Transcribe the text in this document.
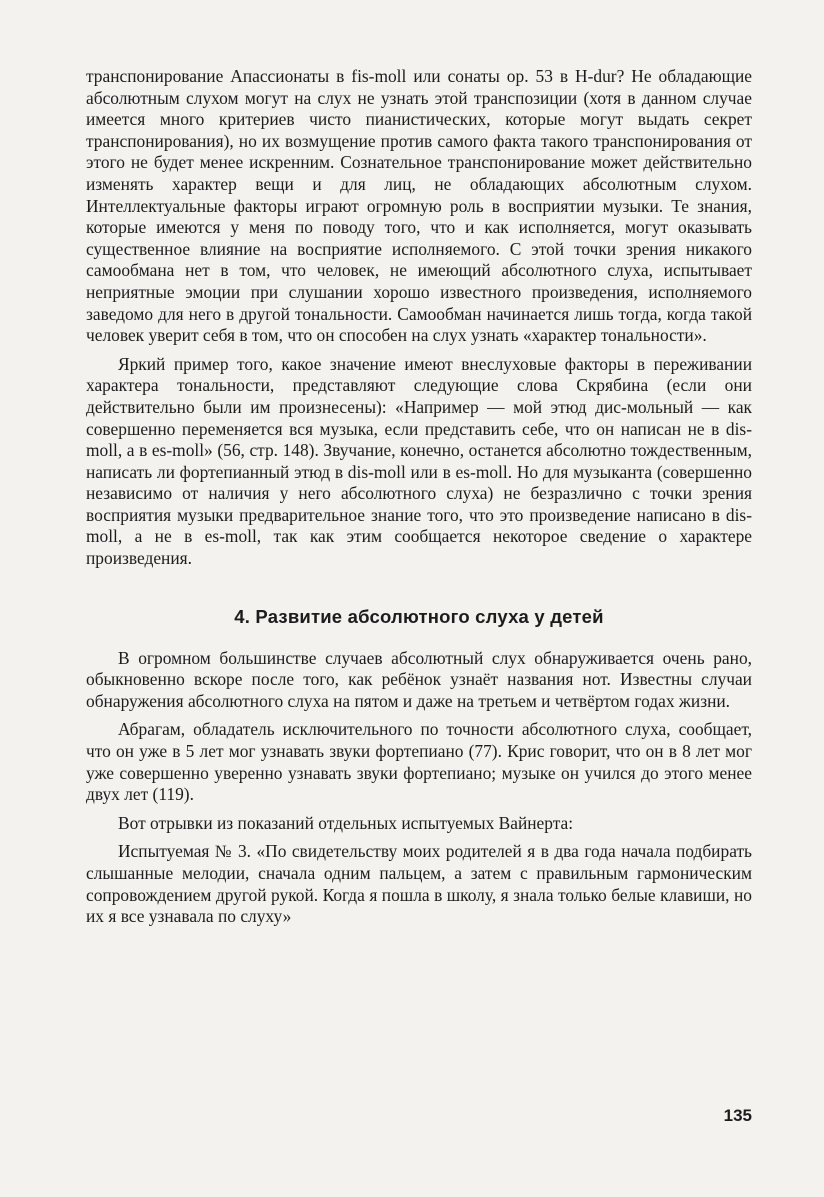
транспонирование Апассионаты в fis-moll или сонаты ор. 53 в H-dur? Не обладающие абсолютным слухом могут на слух не узнать этой транспозиции (хотя в данном случае имеется много критериев чисто пианистических, которые могут выдать секрет транспонирования), но их возмущение против самого факта такого транспонирования от этого не будет менее искренним. Сознательное транспонирование может действительно изменять характер вещи и для лиц, не обладающих абсолютным слухом. Интеллектуальные факторы играют огромную роль в восприятии музыки. Те знания, которые имеются у меня по поводу того, что и как исполняется, могут оказывать существенное влияние на восприятие исполняемого. С этой точки зрения никакого самообмана нет в том, что человек, не имеющий абсолютного слуха, испытывает неприятные эмоции при слушании хорошо известного произведения, исполняемого заведомо для него в другой тональности. Самообман начинается лишь тогда, когда такой человек уверит себя в том, что он способен на слух узнать «характер тональности».

Яркий пример того, какое значение имеют внеслуховые факторы в переживании характера тональности, представляют следующие слова Скрябина (если они действительно были им произнесены): «Например — мой этюд дис-мольный — как совершенно переменяется вся музыка, если представить себе, что он написан не в dis-moll, а в es-moll» (56, стр. 148). Звучание, конечно, останется абсолютно тождественным, написать ли фортепианный этюд в dis-moll или в es-moll. Но для музыканта (совершенно независимо от наличия у него абсолютного слуха) не безразлично с точки зрения восприятия музыки предварительное знание того, что это произведение написано в dis-moll, а не в es-moll, так как этим сообщается некоторое сведение о характере произведения.

4. Развитие абсолютного слуха у детей

В огромном большинстве случаев абсолютный слух обнаруживается очень рано, обыкновенно вскоре после того, как ребёнок узнаёт названия нот. Известны случаи обнаружения абсолютного слуха на пятом и даже на третьем и четвёртом годах жизни.

Абрагам, обладатель исключительного по точности абсолютного слуха, сообщает, что он уже в 5 лет мог узнавать звуки фортепиано (77). Крис говорит, что он в 8 лет мог уже совершенно уверенно узнавать звуки фортепиано; музыке он учился до этого менее двух лет (119).

Вот отрывки из показаний отдельных испытуемых Вайнерта:

Испытуемая № 3. «По свидетельству моих родителей я в два года начала подбирать слышанные мелодии, сначала одним пальцем, а затем с правильным гармоническим сопровождением другой рукой. Когда я пошла в школу, я знала только белые клавиши, но их я все узнавала по слуху»

135
